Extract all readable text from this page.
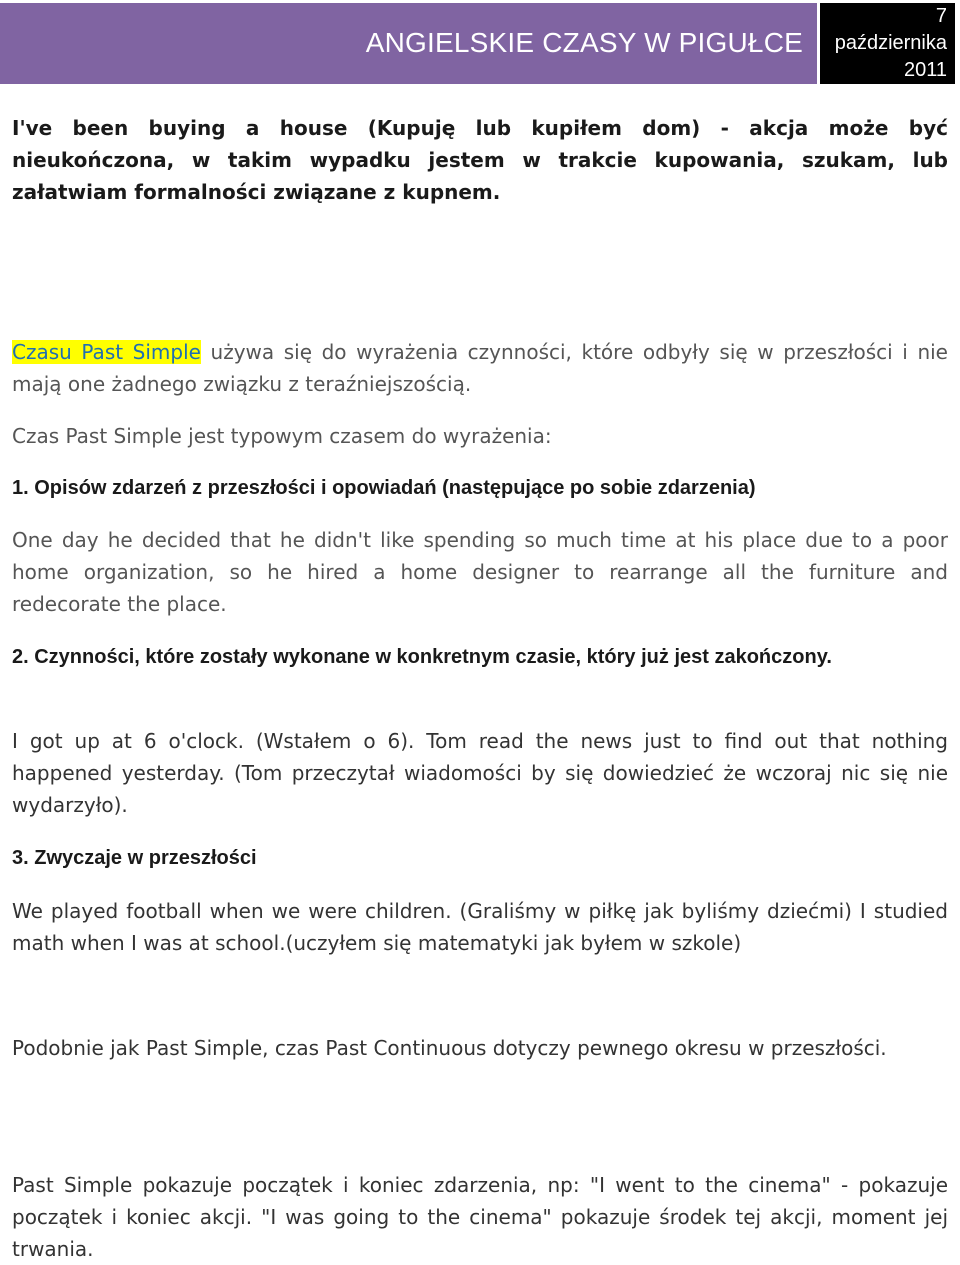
ANGIELSKIE CZASY W PIGUŁCE
7
października
2011

I've been buying a house (Kupuję lub kupiłem dom) - akcja może być nieukończona, w takim wypadku jestem w trakcie kupowania, szukam, lub załatwiam formalności związane z kupnem.

Czasu Past Simple używa się do wyrażenia czynności, które odbyły się w przeszłości i nie mają one żadnego związku z teraźniejszością.

Czas Past Simple jest typowym czasem do wyrażenia:

1. Opisów zdarzeń z przeszłości i opowiadań (następujące po sobie zdarzenia)

One day he decided that he didn't like spending so much time at his place due to a poor home organization, so he hired a home designer to rearrange all the furniture and redecorate the place.

2. Czynności, które zostały wykonane w konkretnym czasie, który już jest zakończony.

I got up at 6 o'clock. (Wstałem o 6). Tom read the news just to find out that nothing happened yesterday. (Tom przeczytał wiadomości by się dowiedzieć że wczoraj nic się nie wydarzyło).

3. Zwyczaje w przeszłości

We played football when we were children. (Graliśmy w piłkę jak byliśmy dziećmi) I studied math when I was at school.(uczyłem się matematyki jak byłem w szkole)

Podobnie jak Past Simple, czas Past Continuous dotyczy pewnego okresu w przeszłości.

Past Simple pokazuje początek i koniec zdarzenia, np: "I went to the cinema" - pokazuje początek i koniec akcji. "I was going to the cinema" pokazuje środek tej akcji, moment jej trwania.
